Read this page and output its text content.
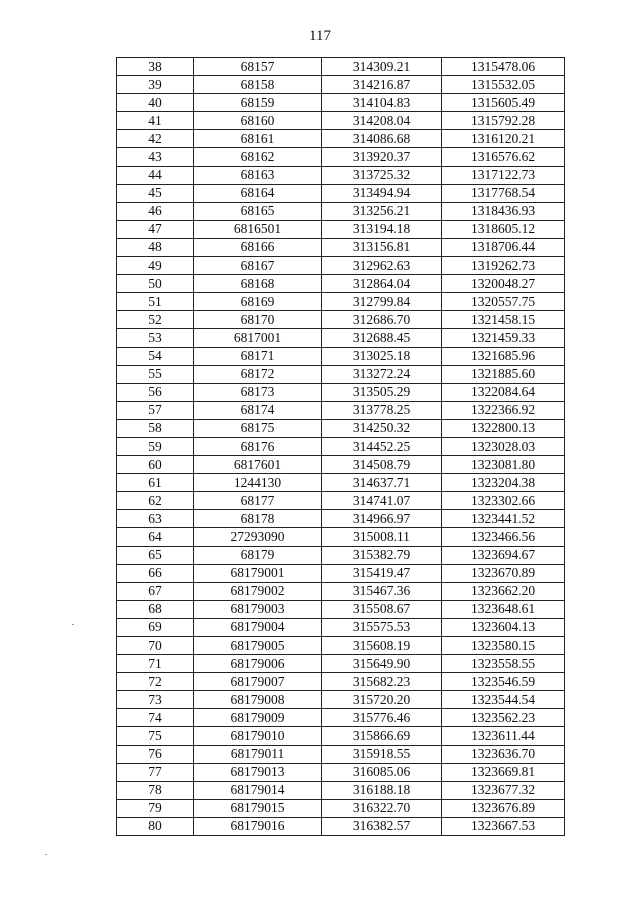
117
38	68157	314309.21	1315478.06
39	68158	314216.87	1315532.05
40	68159	314104.83	1315605.49
41	68160	314208.04	1315792.28
42	68161	314086.68	1316120.21
43	68162	313920.37	1316576.62
44	68163	313725.32	1317122.73
45	68164	313494.94	1317768.54
46	68165	313256.21	1318436.93
47	6816501	313194.18	1318605.12
48	68166	313156.81	1318706.44
49	68167	312962.63	1319262.73
50	68168	312864.04	1320048.27
51	68169	312799.84	1320557.75
52	68170	312686.70	1321458.15
53	6817001	312688.45	1321459.33
54	68171	313025.18	1321685.96
55	68172	313272.24	1321885.60
56	68173	313505.29	1322084.64
57	68174	313778.25	1322366.92
58	68175	314250.32	1322800.13
59	68176	314452.25	1323028.03
60	6817601	314508.79	1323081.80
61	1244130	314637.71	1323204.38
62	68177	314741.07	1323302.66
63	68178	314966.97	1323441.52
64	27293090	315008.11	1323466.56
65	68179	315382.79	1323694.67
66	68179001	315419.47	1323670.89
67	68179002	315467.36	1323662.20
68	68179003	315508.67	1323648.61
69	68179004	315575.53	1323604.13
70	68179005	315608.19	1323580.15
71	68179006	315649.90	1323558.55
72	68179007	315682.23	1323546.59
73	68179008	315720.20	1323544.54
74	68179009	315776.46	1323562.23
75	68179010	315866.69	1323611.44
76	68179011	315918.55	1323636.70
77	68179013	316085.06	1323669.81
78	68179014	316188.18	1323677.32
79	68179015	316322.70	1323676.89
80	68179016	316382.57	1323667.53
